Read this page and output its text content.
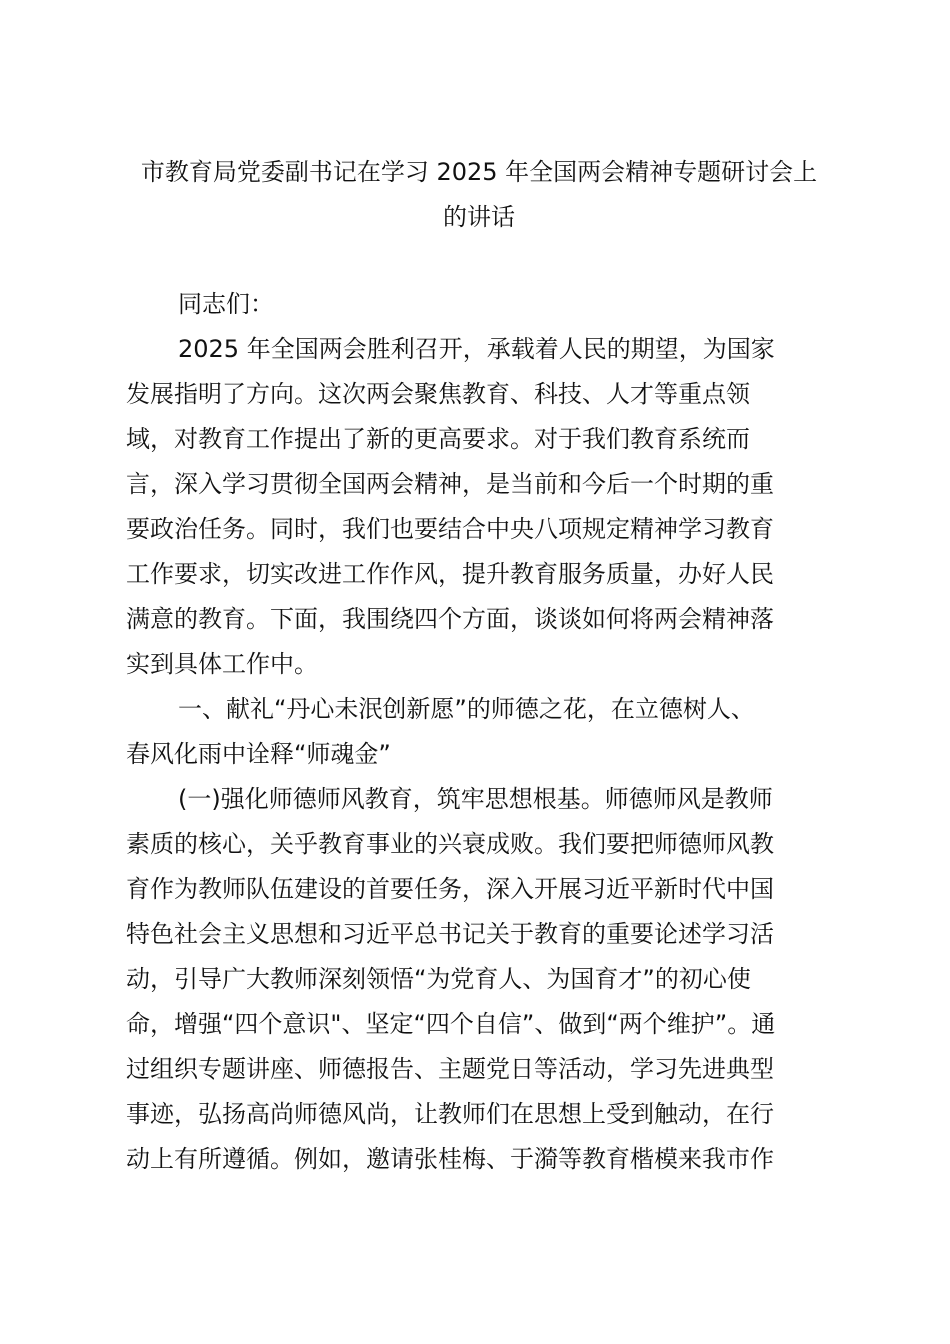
市教育局党委副书记在学习 2025 年全国两会精神专题研讨会上
的讲话
同志们：
2025 年全国两会胜利召开，承载着人民的期望，为国家
发展指明了方向。这次两会聚焦教育、科技、人才等重点领
域，对教育工作提出了新的更高要求。对于我们教育系统而
言，深入学习贯彻全国两会精神，是当前和今后一个时期的重
要政治任务。同时，我们也要结合中央八项规定精神学习教育
工作要求，切实改进工作作风，提升教育服务质量，办好人民
满意的教育。下面，我围绕四个方面，谈谈如何将两会精神落
实到具体工作中。
一、献礼“丹心未泯创新愿”的师德之花，在立德树人、
春风化雨中诠释“师魂金”
(一)强化师德师风教育，筑牢思想根基。师德师风是教师
素质的核心，关乎教育事业的兴衰成败。我们要把师德师风教
育作为教师队伍建设的首要任务，深入开展习近平新时代中国
特色社会主义思想和习近平总书记关于教育的重要论述学习活
动，引导广大教师深刻领悟“为党育人、为国育才”的初心使
命，增强“四个意识"、坚定“四个自信”、做到“两个维护”。通
过组织专题讲座、师德报告、主题党日等活动，学习先进典型
事迹，弘扬高尚师德风尚，让教师们在思想上受到触动，在行
动上有所遵循。例如，邀请张桂梅、于漪等教育楷模来我市作
